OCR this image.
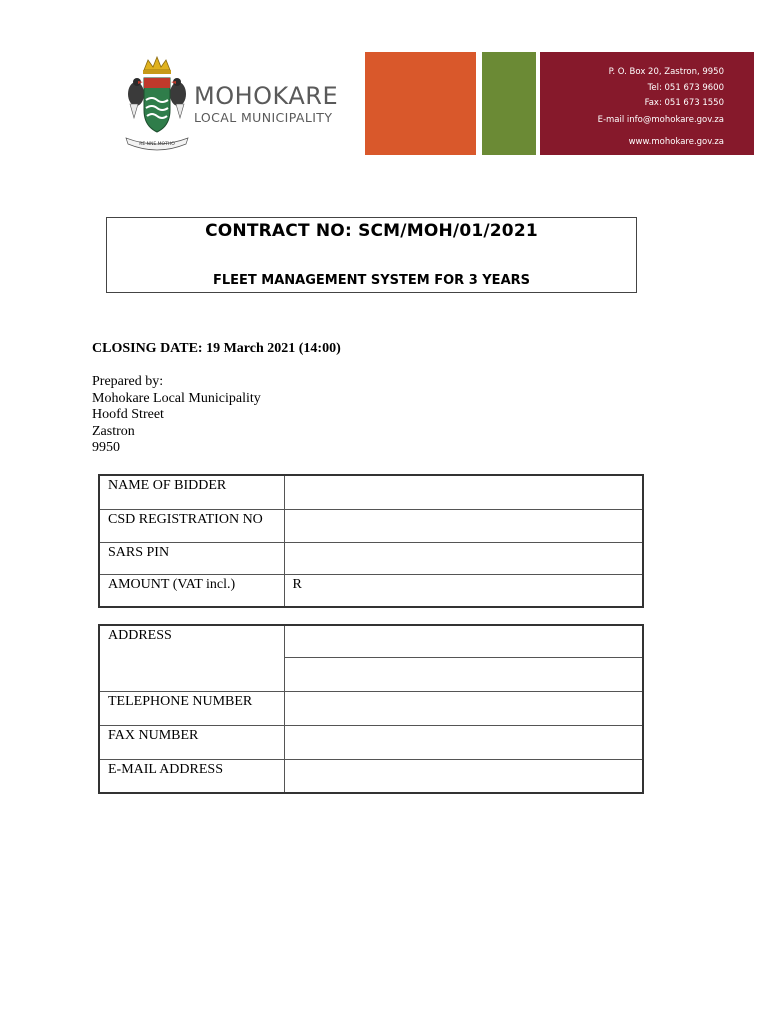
RE NNE MOTHO
MOHOKARE
LOCAL MUNICIPALITY
P. O. Box 20, Zastron, 9950
Tel: 051 673 9600
Fax: 051 673 1550
E-mail info@mohokare.gov.za
www.mohokare.gov.za
CONTRACT NO: SCM/MOH/01/2021
FLEET MANAGEMENT SYSTEM FOR 3 YEARS
CLOSING DATE: 19 March 2021 (14:00)
Prepared by:
Mohokare Local Municipality
Hoofd Street
Zastron
9950
NAME OF BIDDER	
CSD REGISTRATION NO	
SARS PIN	
AMOUNT (VAT incl.)	R
ADDRESS	

TELEPHONE NUMBER	
FAX NUMBER	
E-MAIL ADDRESS	
